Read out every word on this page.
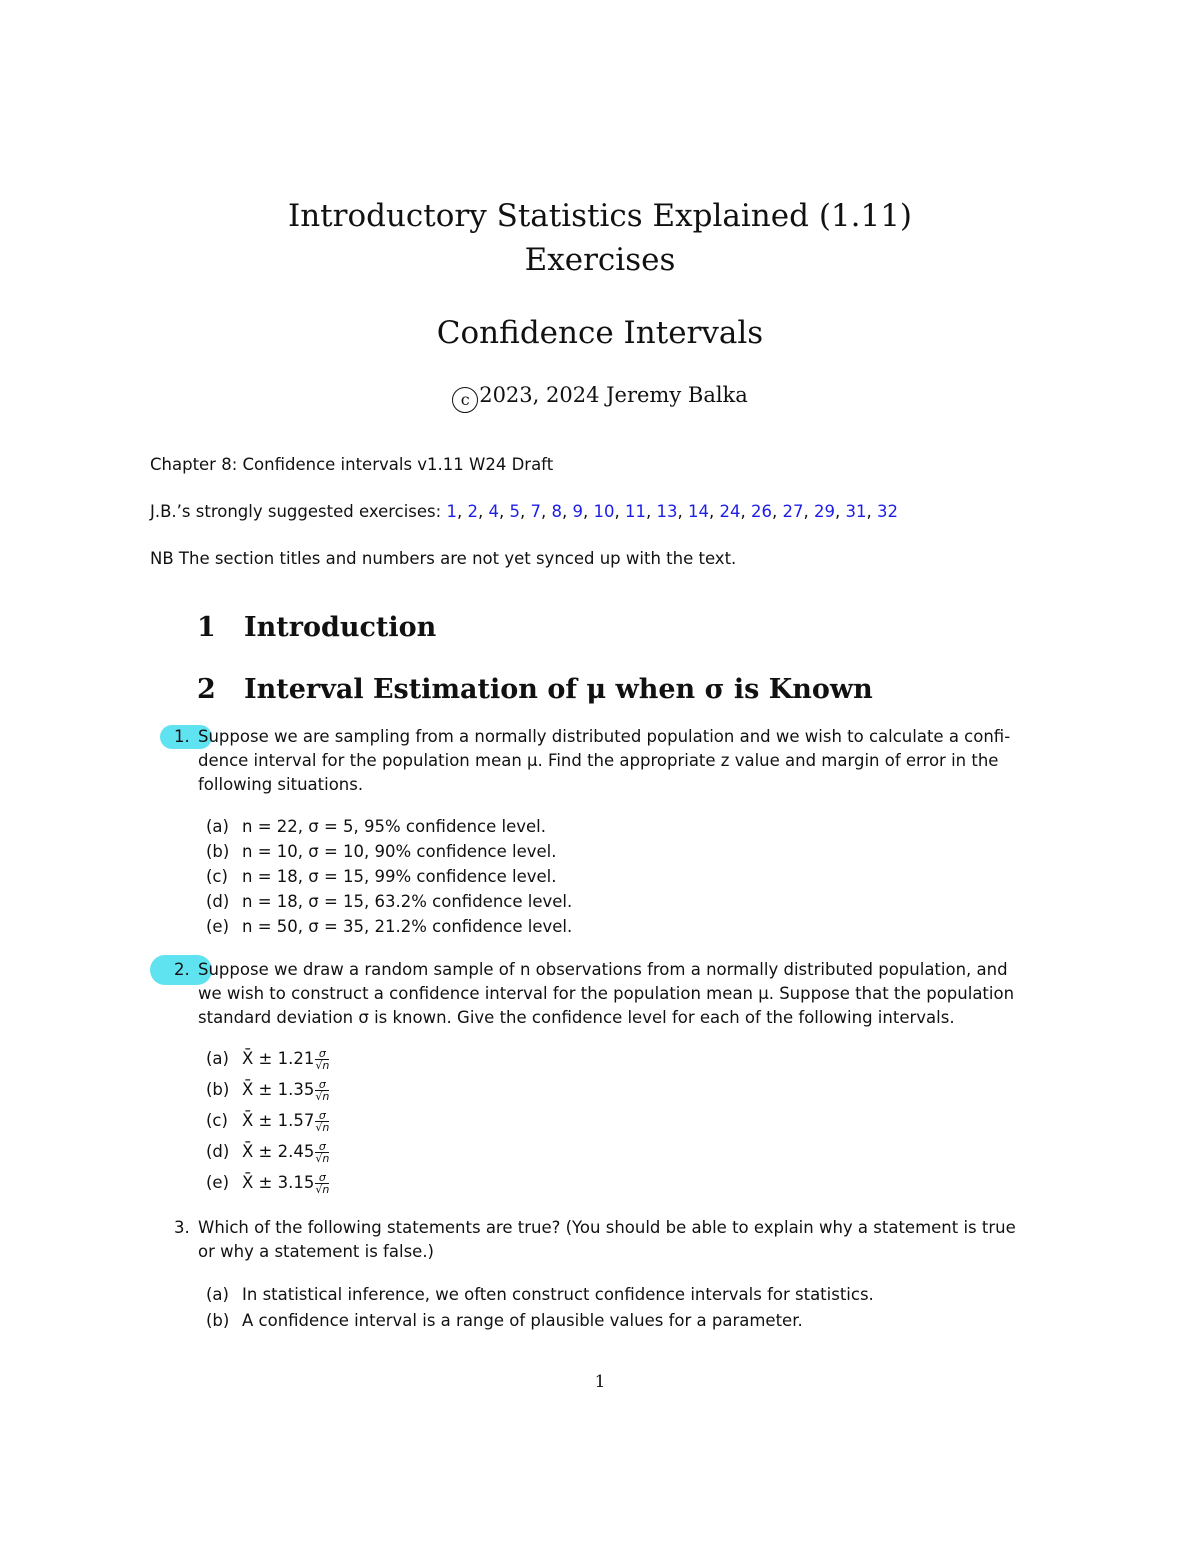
Introductory Statistics Explained (1.11)
Exercises
Confidence Intervals
c 2023, 2024 Jeremy Balka
Chapter 8: Confidence intervals v1.11 W24 Draft
J.B.’s strongly suggested exercises: 1, 2, 4, 5, 7, 8, 9, 10, 11, 13, 14, 24, 26, 27, 29, 31, 32
NB The section titles and numbers are not yet synced up with the text.
1 Introduction
2 Interval Estimation of μ when σ is Known
1. Suppose we are sampling from a normally distributed population and we wish to calculate a confi-
dence interval for the population mean μ. Find the appropriate z value and margin of error in the
following situations.
(a) n = 22, σ = 5, 95% confidence level.
(b) n = 10, σ = 10, 90% confidence level.
(c) n = 18, σ = 15, 99% confidence level.
(d) n = 18, σ = 15, 63.2% confidence level.
(e) n = 50, σ = 35, 21.2% confidence level.
2. Suppose we draw a random sample of n observations from a normally distributed population, and
we wish to construct a confidence interval for the population mean μ. Suppose that the population
standard deviation σ is known. Give the confidence level for each of the following intervals.
(a) X̄ ± $1.21 \frac{\sigma}{√n}$
(b) X̄ ± $1.35 \frac{\sigma}{√n}$
(c) X̄ ± $1.57 \frac{\sigma}{√n}$
(d) X̄ ± $2.45 \frac{\sigma}{√n}$
(e) X̄ ± $3.15 \frac{\sigma}{√n}$
3. Which of the following statements are true? (You should be able to explain why a statement is true
or why a statement is false.)
(a) In statistical inference, we often construct confidence intervals for statistics.
(b) A confidence interval is a range of plausible values for a parameter.
1
